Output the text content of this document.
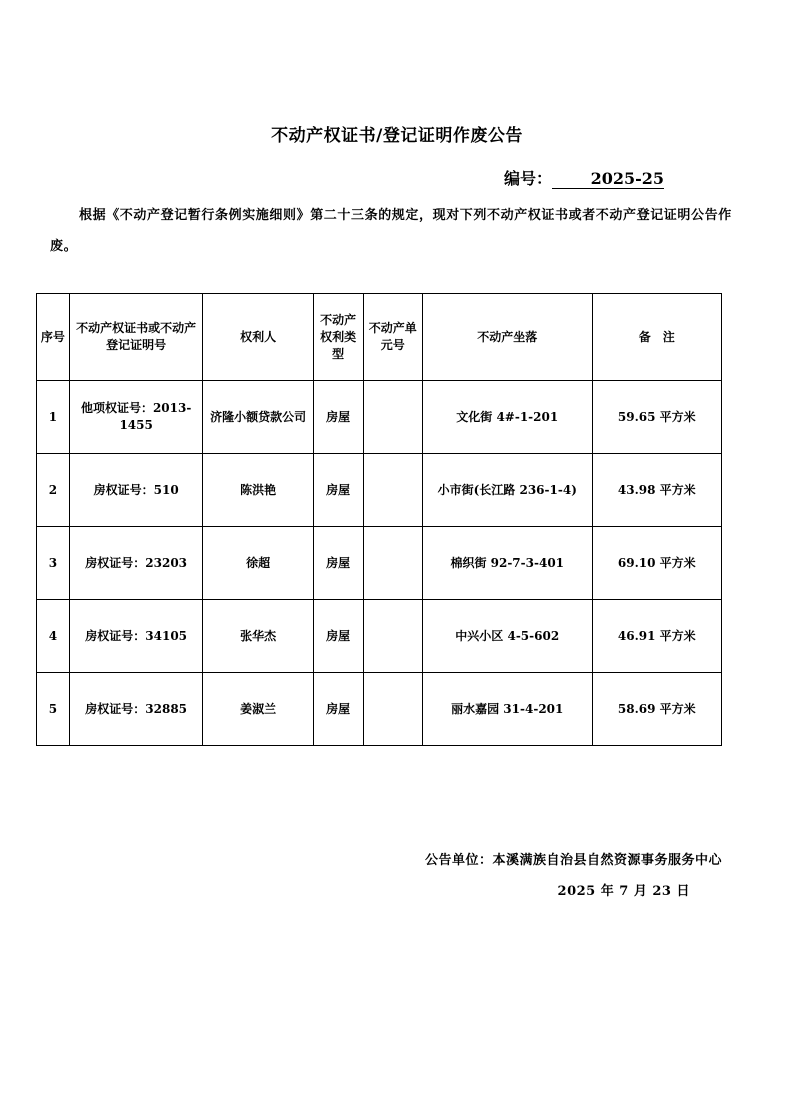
不动产权证书/登记证明作废公告
编号：	2025-25
根据《不动产登记暂行条例实施细则》第二十三条的规定，现对下列不动产权证书或者不动产登记证明公告作废。
序号	不动产权证书或不动产登记证明号	权利人	不动产权利类型	不动产单元号	不动产坐落	备　注
1	他项权证号：2013-1455	济隆小额贷款公司	房屋		文化街 4#-1-201	59.65 平方米
2	房权证号：510	陈洪艳	房屋		小市街(长江路 236-1-4)	43.98 平方米
3	房权证号：23203	徐超	房屋		棉织街 92-7-3-401	69.10 平方米
4	房权证号：34105	张华杰	房屋		中兴小区 4-5-602	46.91 平方米
5	房权证号：32885	姜淑兰	房屋		丽水嘉园 31-4-201	58.69 平方米
公告单位：本溪满族自治县自然资源事务服务中心
2025 年 7 月 23 日
